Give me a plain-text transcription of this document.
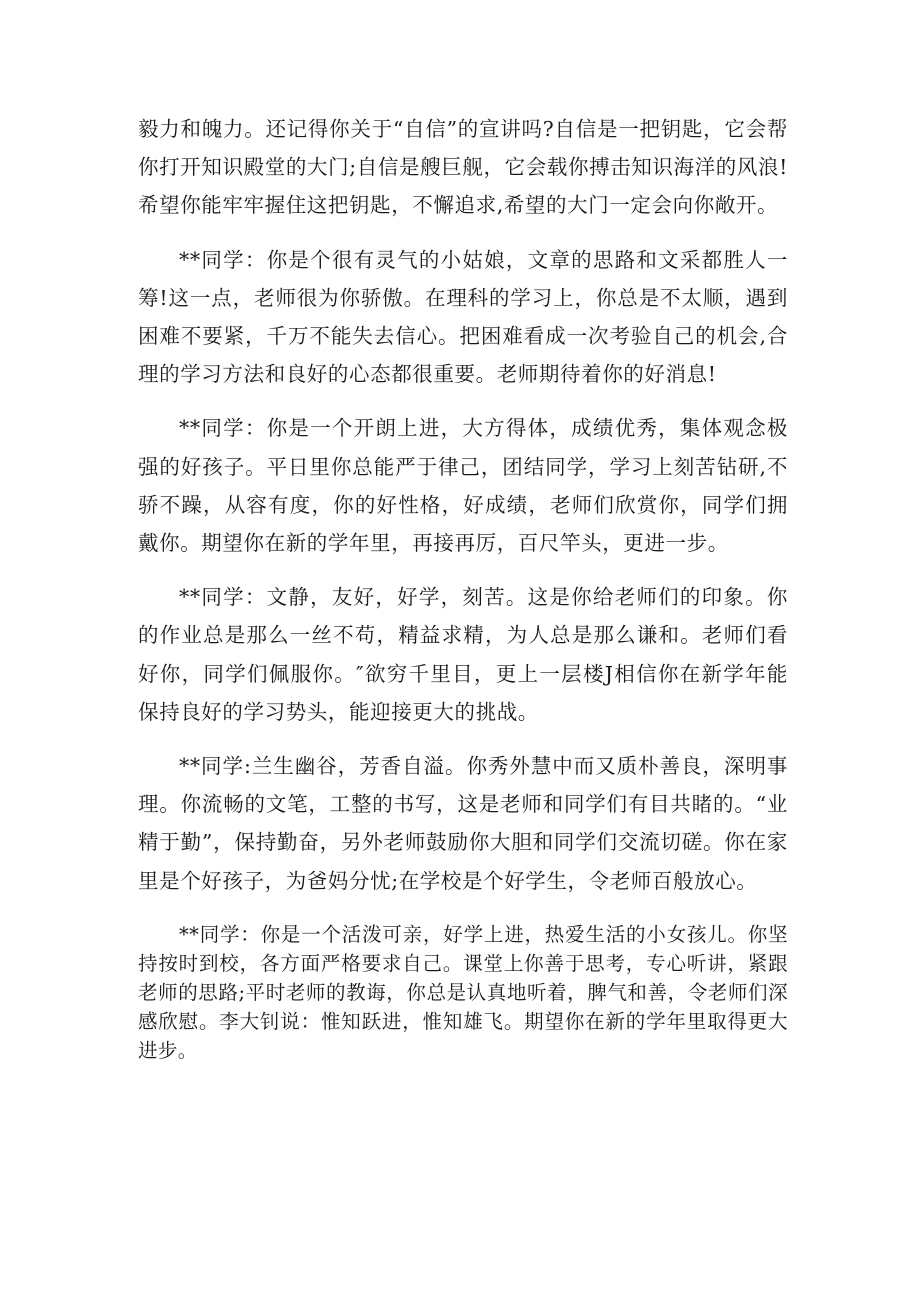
毅力和魄力。还记得你关于“自信”的宣讲吗?自信是一把钥匙，它会帮你打开知识殿堂的大门;自信是艘巨舰，它会载你搏击知识海洋的风浪!希望你能牢牢握住这把钥匙，不懈追求,希望的大门一定会向你敞开。

**同学：你是个很有灵气的小姑娘，文章的思路和文采都胜人一筹!这一点，老师很为你骄傲。在理科的学习上，你总是不太顺，遇到困难不要紧，千万不能失去信心。把困难看成一次考验自己的机会,合理的学习方法和良好的心态都很重要。老师期待着你的好消息!

**同学：你是一个开朗上进，大方得体，成绩优秀，集体观念极强的好孩子。平日里你总能严于律己，团结同学，学习上刻苦钻研,不骄不躁，从容有度，你的好性格，好成绩，老师们欣赏你，同学们拥戴你。期望你在新的学年里，再接再厉，百尺竿头，更进一步。

**同学：文静，友好，好学，刻苦。这是你给老师们的印象。你的作业总是那么一丝不苟，精益求精，为人总是那么谦和。老师们看好你，同学们佩服你。″欲穷千里目，更上一层楼J相信你在新学年能保持良好的学习势头，能迎接更大的挑战。

**同学:兰生幽谷，芳香自溢。你秀外慧中而又质朴善良，深明事理。你流畅的文笔，工整的书写，这是老师和同学们有目共睹的。“业精于勤”，保持勤奋，另外老师鼓励你大胆和同学们交流切磋。你在家里是个好孩子，为爸妈分忧;在学校是个好学生，令老师百般放心。

**同学：你是一个活泼可亲，好学上进，热爱生活的小女孩儿。你坚持按时到校，各方面严格要求自己。课堂上你善于思考，专心听讲，紧跟老师的思路;平时老师的教诲，你总是认真地听着，脾气和善，令老师们深感欣慰。李大钊说：惟知跃进，惟知雄飞。期望你在新的学年里取得更大进步。
